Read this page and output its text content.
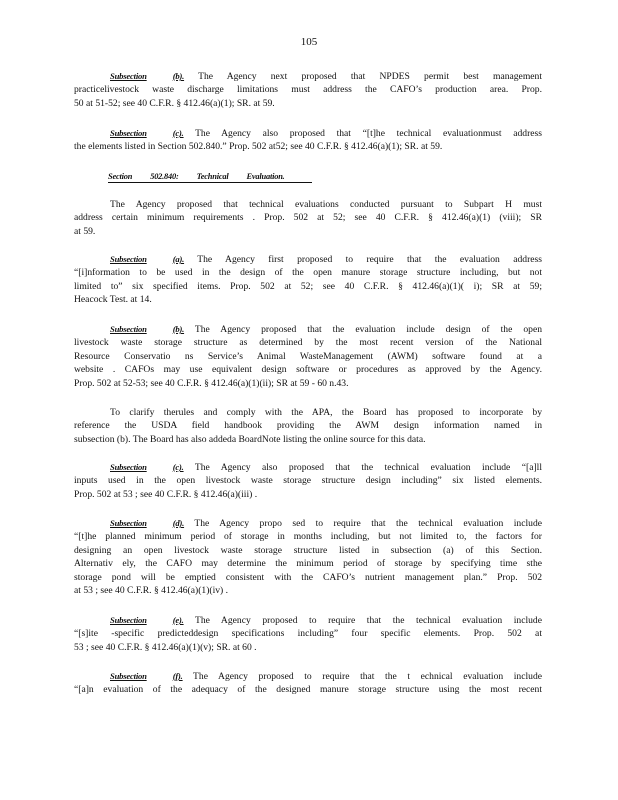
105
Subsection	(b). The Agency next proposed that NPDES permit best management
practicelivestock waste discharge limitations must address the CAFO’s production area. Prop.
50 at 51-52; see 40 C.F.R. § 412.46(a)(1); SR. at 59.
Subsection	(c). The Agency also proposed that “[t]he technical evaluationmust address
the elements listed in Section 502.840.” Prop. 502 at52; see 40 C.F.R. § 412.46(a)(1); SR. at 59.
Section 502.840: Technical Evaluation.
The Agency proposed that technical evaluations conducted pursuant to Subpart H must
address certain minimum requirements . Prop. 502 at 52; see 40 C.F.R. § 412.46(a)(1) (viii); SR
at 59.
Subsection	(a). The Agency first proposed to require that the evaluation address
“[i]nformation to be used in the design of the open manure storage structure including, but not
limited to” six specified items. Prop. 502 at 52; see 40 C.F.R. § 412.46(a)(1)( i); SR at 59;
Heacock Test. at 14.
Subsection	(b). The Agency proposed that the evaluation include design of the open
livestock waste storage structure as determined by the most recent version of the National
Resource Conservatio ns Service’s Animal WasteManagement (AWM) software found at a
website . CAFOs may use equivalent design software or procedures as approved by the Agency.
Prop. 502 at 52-53; see 40 C.F.R. § 412.46(a)(1)(ii); SR at 59 - 60 n.43.
To clarify therules and comply with the APA, the Board has proposed to incorporate by
reference the USDA field handbook providing the AWM design information named in
subsection (b). The Board has also addeda BoardNote listing the online source for this data.
Subsection	(c). The Agency also proposed that the technical evaluation include “[a]ll
inputs used in the open livestock waste storage structure design including” six listed elements.
Prop. 502 at 53 ; see 40 C.F.R. § 412.46(a)(iii) .
Subsection	(d). The Agency propo sed to require that the technical evaluation include
“[t]he planned minimum period of storage in months including, but not limited to, the factors for
designing an open livestock waste storage structure listed in subsection (a) of this Section.
Alternativ ely, the CAFO may determine the minimum period of storage by specifying time sthe
storage pond will be emptied consistent with the CAFO’s nutrient management plan.” Prop. 502
at 53 ; see 40 C.F.R. § 412.46(a)(1)(iv) .
Subsection	(e). The Agency proposed to require that the technical evaluation include
“[s]ite -specific predicteddesign specifications including” four specific elements. Prop. 502 at
53 ; see 40 C.F.R. § 412.46(a)(1)(v); SR. at 60 .
Subsection	(f). The Agency proposed to require that the t echnical evaluation include
“[a]n evaluation of the adequacy of the designed manure storage structure using the most recent
